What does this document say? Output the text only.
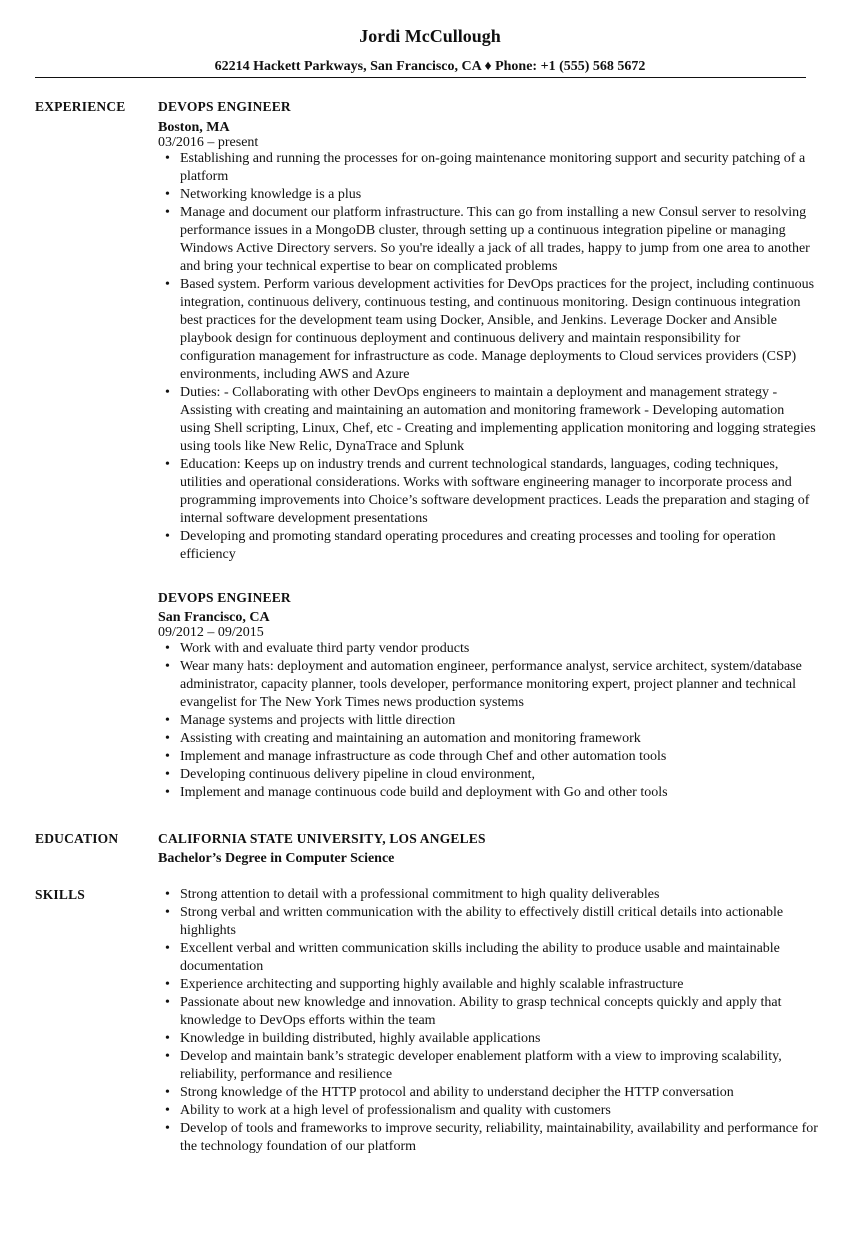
Jordi McCullough
62214 Hackett Parkways, San Francisco, CA ♦ Phone: +1 (555) 568 5672
EXPERIENCE DEVOPS ENGINEER
Boston, MA
03/2016 – present
• Establishing and running the processes for on-going maintenance monitoring support and security patching of a platform
• Networking knowledge is a plus
• Manage and document our platform infrastructure. This can go from installing a new Consul server to resolving performance issues in a MongoDB cluster, through setting up a continuous integration pipeline or managing Windows Active Directory servers. So you're ideally a jack of all trades, happy to jump from one area to another and bring your technical expertise to bear on complicated problems
• Based system. Perform various development activities for DevOps practices for the project, including continuous integration, continuous delivery, continuous testing, and continuous monitoring. Design continuous integration best practices for the development team using Docker, Ansible, and Jenkins. Leverage Docker and Ansible playbook design for continuous deployment and continuous delivery and maintain responsibility for configuration management for infrastructure as code. Manage deployments to Cloud services providers (CSP) environments, including AWS and Azure
• Duties: - Collaborating with other DevOps engineers to maintain a deployment and management strategy - Assisting with creating and maintaining an automation and monitoring framework - Developing automation using Shell scripting, Linux, Chef, etc - Creating and implementing application monitoring and logging strategies using tools like New Relic, DynaTrace and Splunk
• Education: Keeps up on industry trends and current technological standards, languages, coding techniques, utilities and operational considerations. Works with software engineering manager to incorporate process and programming improvements into Choice’s software development practices. Leads the preparation and staging of internal software development presentations
• Developing and promoting standard operating procedures and creating processes and tooling for operation efficiency
DEVOPS ENGINEER
San Francisco, CA
09/2012 – 09/2015
• Work with and evaluate third party vendor products
• Wear many hats: deployment and automation engineer, performance analyst, service architect, system/database administrator, capacity planner, tools developer, performance monitoring expert, project planner and technical evangelist for The New York Times news production systems
• Manage systems and projects with little direction
• Assisting with creating and maintaining an automation and monitoring framework
• Implement and manage infrastructure as code through Chef and other automation tools
• Developing continuous delivery pipeline in cloud environment,
• Implement and manage continuous code build and deployment with Go and other tools
EDUCATION	CALIFORNIA STATE UNIVERSITY, LOS ANGELES
Bachelor’s Degree in Computer Science
SKILLS
•	Strong attention to detail with a professional commitment to high quality deliverables
• Strong verbal and written communication with the ability to effectively distill critical details into actionable highlights
• Excellent verbal and written communication skills including the ability to produce usable and maintainable documentation
• Experience architecting and supporting highly available and highly scalable infrastructure
• Passionate about new knowledge and innovation. Ability to grasp technical concepts quickly and apply that knowledge to DevOps efforts within the team
• Knowledge in building distributed, highly available applications
• Develop and maintain bank’s strategic developer enablement platform with a view to improving scalability, reliability, performance and resilience
• Strong knowledge of the HTTP protocol and ability to understand decipher the HTTP conversation
• Ability to work at a high level of professionalism and quality with customers
• Develop of tools and frameworks to improve security, reliability, maintainability, availability and performance for the technology foundation of our platform
